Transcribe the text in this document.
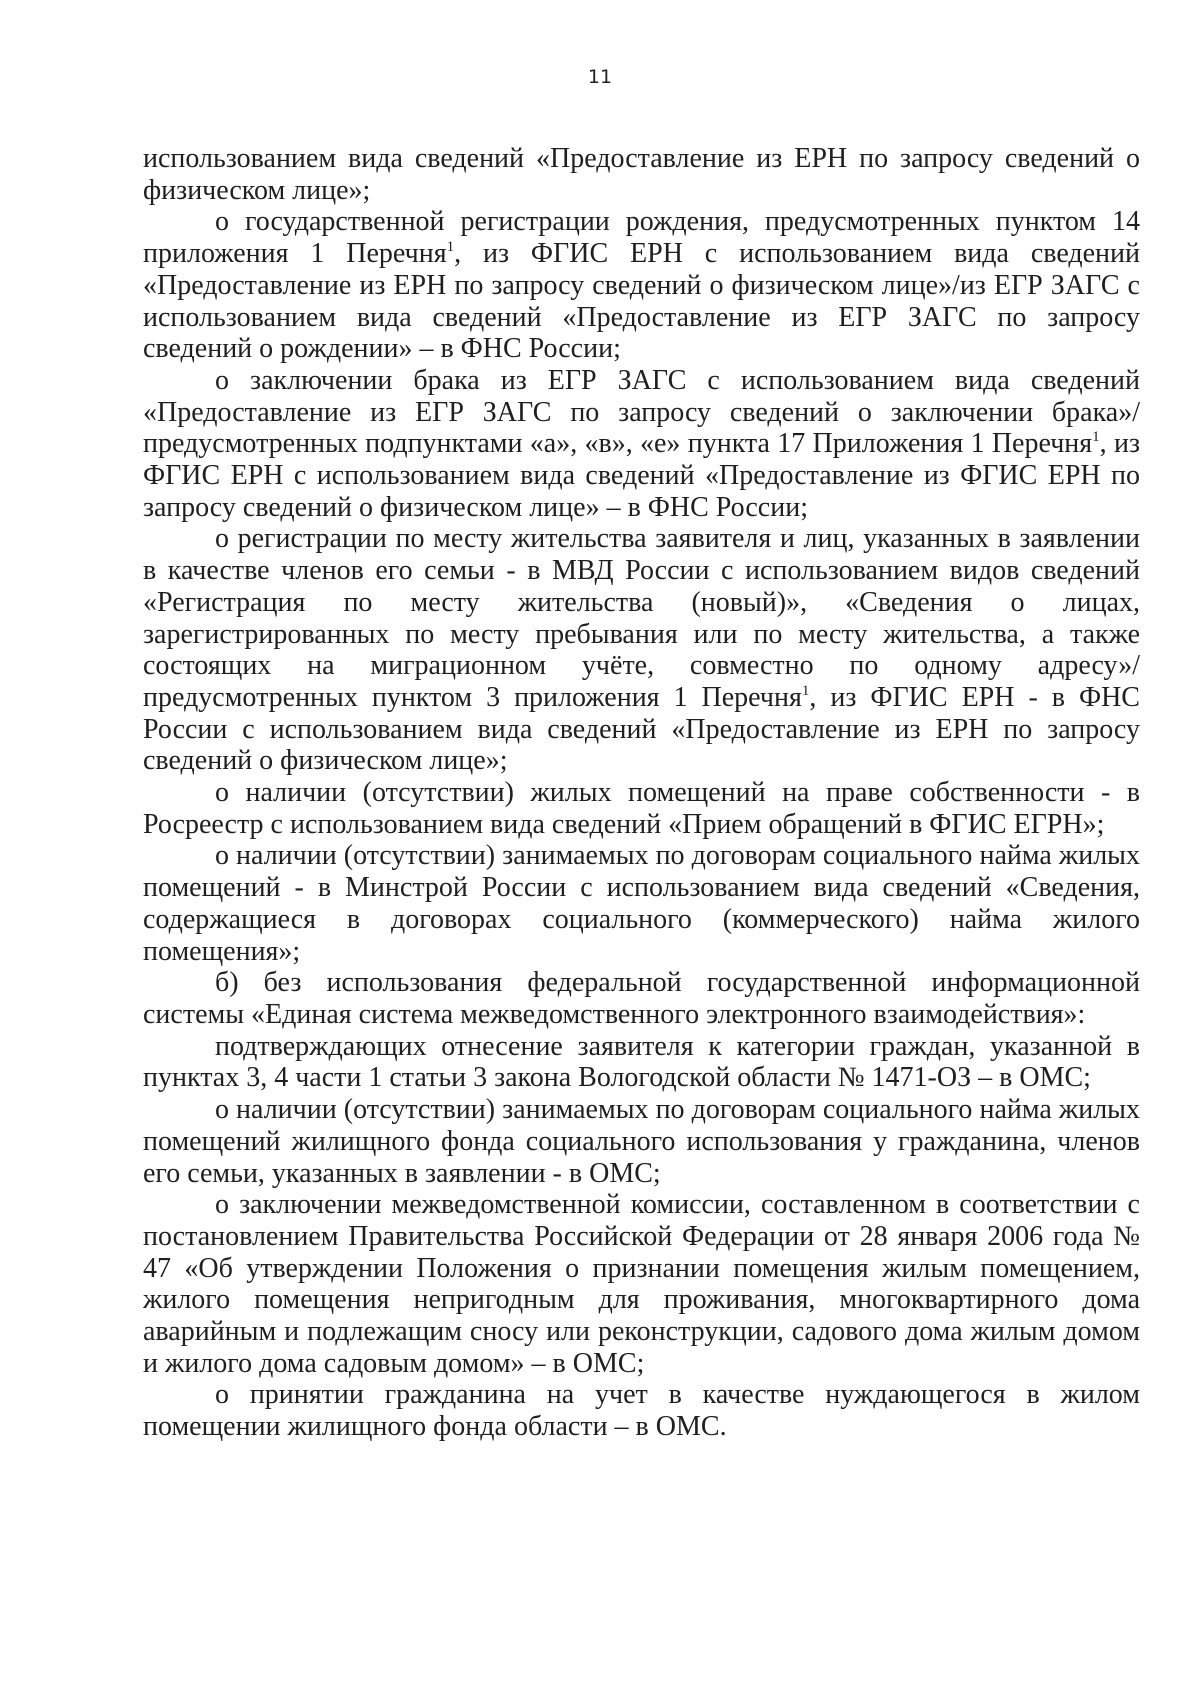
11

использованием вида сведений «Предоставление из ЕРН по запросу сведений о физическом лице»;

о государственной регистрации рождения, предусмотренных пунктом 14 приложения 1 Перечня$^1$, из ФГИС ЕРН с использованием вида сведений «Предоставление из ЕРН по запросу сведений о физическом лице»/из ЕГР ЗАГС с использованием вида сведений «Предоставление из ЕГР ЗАГС по запросу сведений о рождении» – в ФНС России;

о заключении брака из ЕГР ЗАГС с использованием вида сведений «Предоставление из ЕГР ЗАГС по запросу сведений о заключении брака»/предусмотренных подпунктами «а», «в», «е» пункта 17 Приложения 1 Перечня$^1$, из ФГИС ЕРН с использованием вида сведений «Предоставление из ФГИС ЕРН по запросу сведений о физическом лице» – в ФНС России;

о регистрации по месту жительства заявителя и лиц, указанных в заявлении в качестве членов его семьи - в МВД России с использованием видов сведений «Регистрация по месту жительства (новый)», «Сведения о лицах, зарегистрированных по месту пребывания или по месту жительства, а также состоящих на миграционном учёте, совместно по одному адресу»/предусмотренных пунктом 3 приложения 1 Перечня$^1$, из ФГИС ЕРН - в ФНС России с использованием вида сведений «Предоставление из ЕРН по запросу сведений о физическом лице»;

о наличии (отсутствии) жилых помещений на праве собственности - в Росреестр с использованием вида сведений «Прием обращений в ФГИС ЕГРН»;

о наличии (отсутствии) занимаемых по договорам социального найма жилых помещений - в Минстрой России с использованием вида сведений «Сведения, содержащиеся в договорах социального (коммерческого) найма жилого помещения»;

б) без использования федеральной государственной информационной системы «Единая система межведомственного электронного взаимодействия»:

подтверждающих отнесение заявителя к категории граждан, указанной в пунктах 3, 4 части 1 статьи 3 закона Вологодской области № 1471-ОЗ – в ОМС;

о наличии (отсутствии) занимаемых по договорам социального найма жилых помещений жилищного фонда социального использования у гражданина, членов его семьи, указанных в заявлении - в ОМС;

о заключении межведомственной комиссии, составленном в соответствии с постановлением Правительства Российской Федерации от 28 января 2006 года № 47 «Об утверждении Положения о признании помещения жилым помещением, жилого помещения непригодным для проживания, многоквартирного дома аварийным и подлежащим сносу или реконструкции, садового дома жилым домом и жилого дома садовым домом» – в ОМС;

о принятии гражданина на учет в качестве нуждающегося в жилом помещении жилищного фонда области – в ОМС.
